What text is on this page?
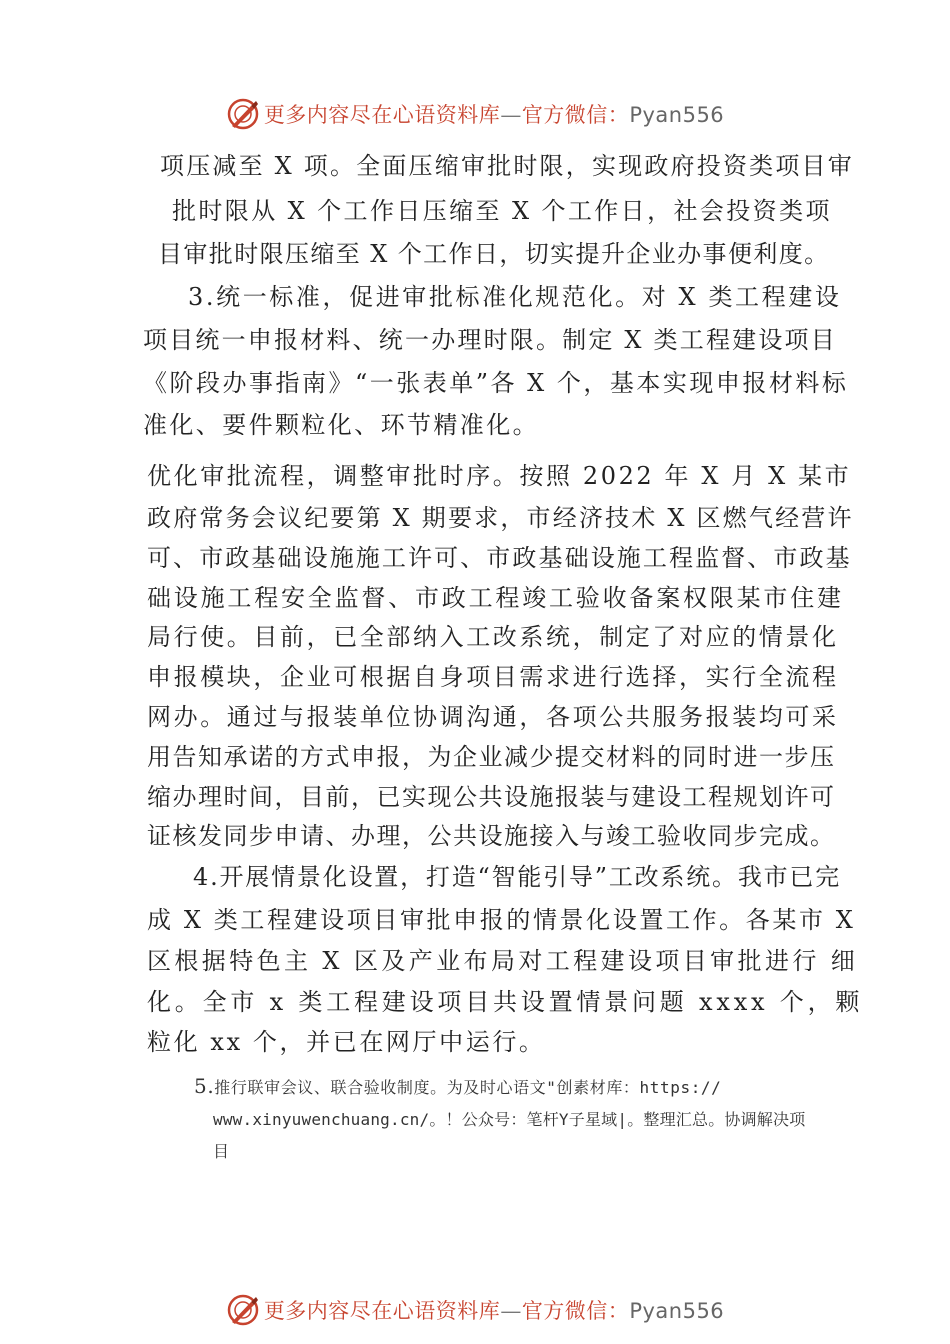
更多内容尽在心语资料库—官方微信：Pyan556
项压减至 X 项。全面压缩审批时限，实现政府投资类项目审
批时限从 X 个工作日压缩至 X 个工作日，社会投资类项
目审批时限压缩至 X 个工作日，切实提升企业办事便利度。
3.统一标准，促进审批标准化规范化。对 X 类工程建设
项目统一申报材料、统一办理时限。制定 X 类工程建设项目
《阶段办事指南》“一张表单”各 X 个，基本实现申报材料标
准化、要件颗粒化、环节精准化。
优化审批流程，调整审批时序。按照 2022 年 X 月 X 某市
政府常务会议纪要第 X 期要求，市经济技术 X 区燃气经营许
可、市政基础设施施工许可、市政基础设施工程监督、市政基
础设施工程安全监督、市政工程竣工验收备案权限某市住建
局行使。目前，已全部纳入工改系统，制定了对应的情景化
申报模块，企业可根据自身项目需求进行选择，实行全流程
网办。通过与报装单位协调沟通，各项公共服务报装均可采
用告知承诺的方式申报，为企业减少提交材料的同时进一步压
缩办理时间，目前，已实现公共设施报装与建设工程规划许可
证核发同步申请、办理，公共设施接入与竣工验收同步完成。
4.开展情景化设置，打造“智能引导”工改系统。我市已完
成 X 类工程建设项目审批申报的情景化设置工作。各某市 X
区根据特色主 X 区及产业布局对工程建设项目审批进行 细
化。全市 x 类工程建设项目共设置情景问题 xxxx 个，颗
粒化 xx 个，并已在网厅中运行。
5.推行联审会议、联合验收制度。为及时心语文"创素材库：https://
www.xinyuwenchuang.cn/。！公众号：笔杆Y子星域|。整理汇总。协调解决项
目
更多内容尽在心语资料库—官方微信：Pyan556
